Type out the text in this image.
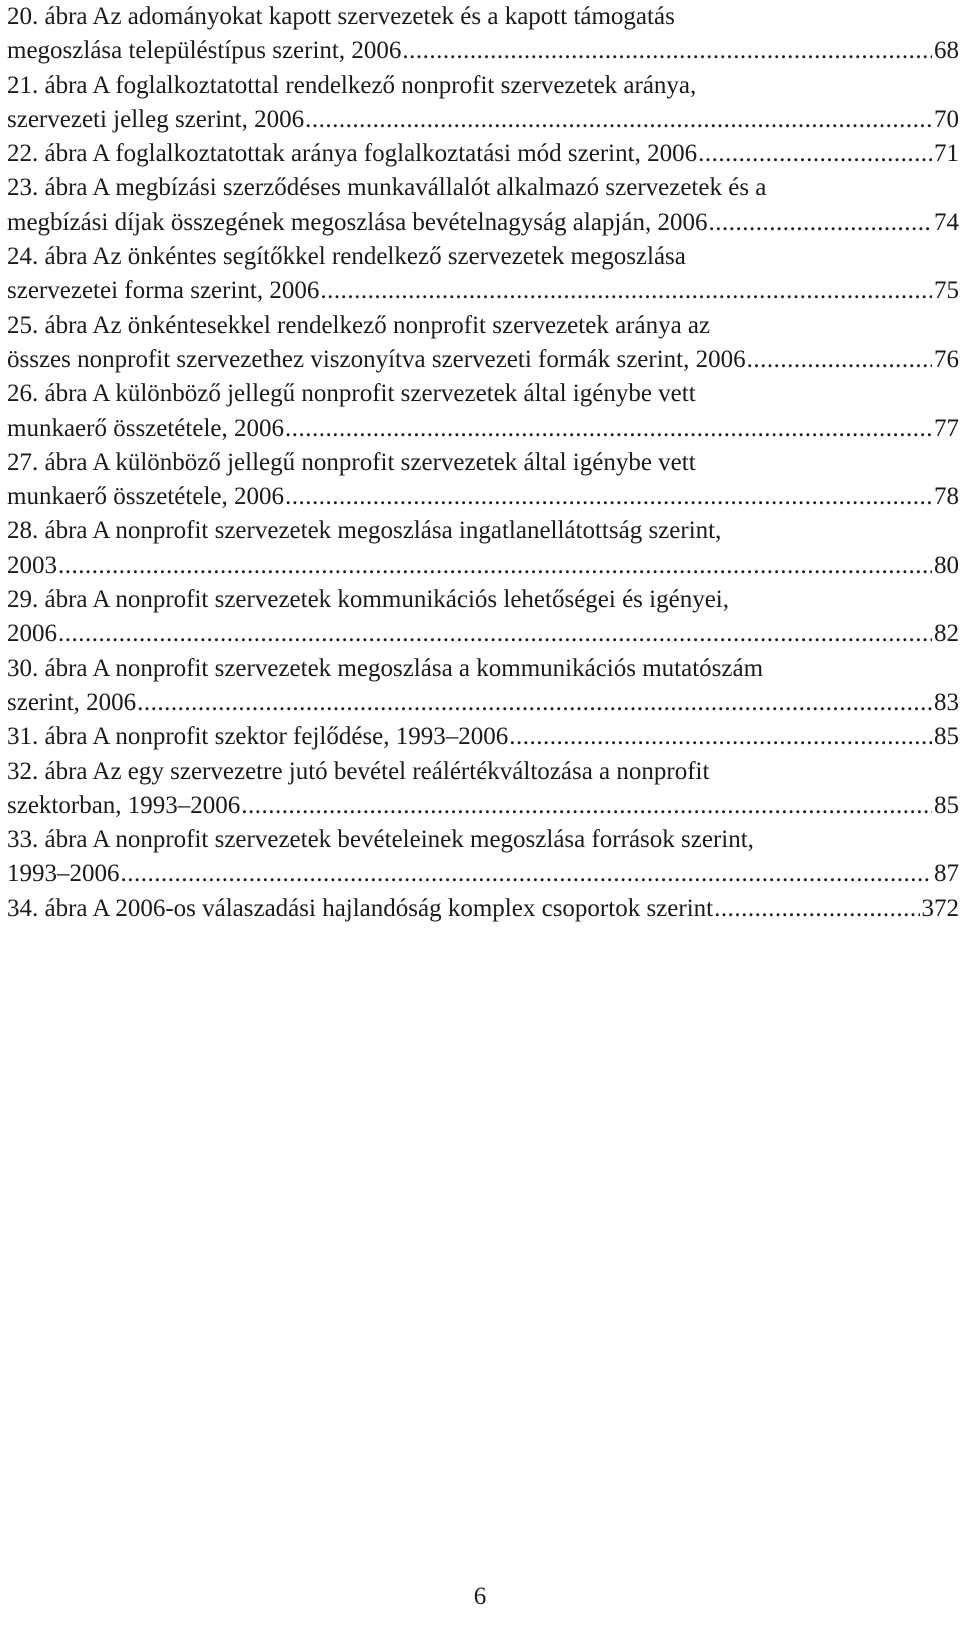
20. ábra Az adományokat kapott szervezetek és a kapott támogatás
megoszlása településtípus szerint, 2006 .....	68
21. ábra A foglalkoztatottal rendelkező nonprofit szervezetek aránya,
szervezeti jelleg szerint, 2006 .....	70
22. ábra A foglalkoztatottak aránya foglalkoztatási mód szerint, 2006 .....	71
23. ábra A megbízási szerződéses munkavállalót alkalmazó szervezetek és a
megbízási díjak összegének megoszlása bevételnagyság alapján, 2006 .....	74
24. ábra Az önkéntes segítőkkel rendelkező szervezetek megoszlása
szervezetei forma szerint, 2006 .....	75
25. ábra Az önkéntesekkel rendelkező nonprofit szervezetek aránya az
összes nonprofit szervezethez viszonyítva szervezeti formák szerint, 2006 .....	76
26. ábra A különböző jellegű nonprofit szervezetek által igénybe vett
munkaerő összetétele, 2006 .....	77
27. ábra A különböző jellegű nonprofit szervezetek által igénybe vett
munkaerő összetétele, 2006 .....	78
28. ábra A nonprofit szervezetek megoszlása ingatlanellátottság szerint,
2003 .....	80
29. ábra A nonprofit szervezetek kommunikációs lehetőségei és igényei,
2006 .....	82
30. ábra A nonprofit szervezetek megoszlása a kommunikációs mutatószám
szerint, 2006 .....	83
31. ábra A nonprofit szektor fejlődése, 1993–2006 .....	85
32. ábra Az egy szervezetre jutó bevétel reálértékváltozása a nonprofit
szektorban, 1993–2006 .....	85
33. ábra A nonprofit szervezetek bevételeinek megoszlása források szerint,
1993–2006 .....	87
34. ábra A 2006-os válaszadási hajlandóság komplex csoportok szerint .....	372
6
